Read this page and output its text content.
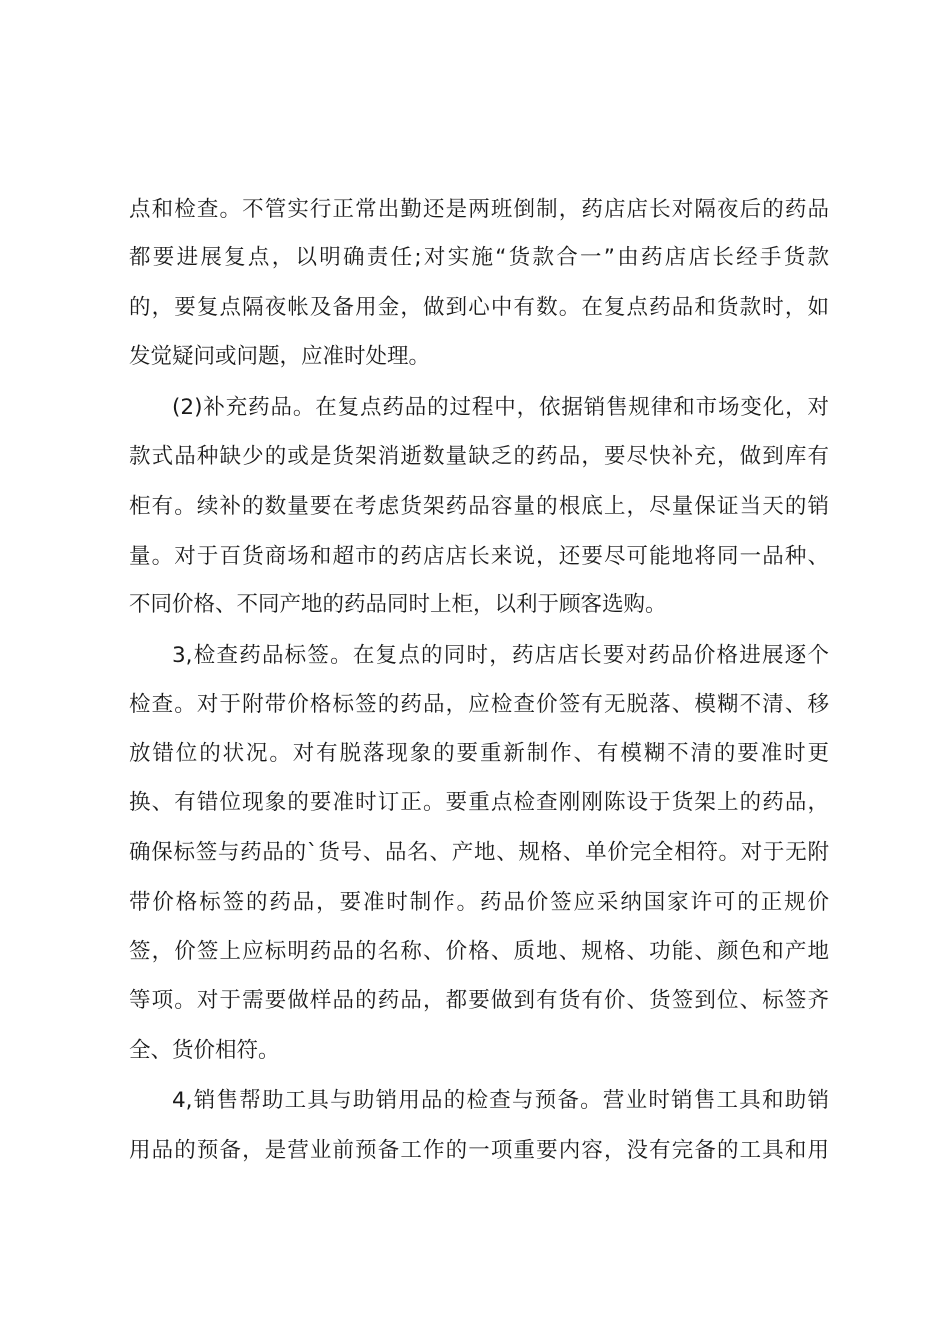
点和检查。不管实行正常出勤还是两班倒制，药店店长对隔夜后的药品
都要进展复点，以明确责任;对实施“货款合一”由药店店长经手货款
的，要复点隔夜帐及备用金，做到心中有数。在复点药品和货款时，如
发觉疑问或问题，应准时处理。
(2)补充药品。在复点药品的过程中，依据销售规律和市场变化，对
款式品种缺少的或是货架消逝数量缺乏的药品，要尽快补充，做到库有
柜有。续补的数量要在考虑货架药品容量的根底上，尽量保证当天的销
量。对于百货商场和超市的药店店长来说，还要尽可能地将同一品种、
不同价格、不同产地的药品同时上柜，以利于顾客选购。
3,检查药品标签。在复点的同时，药店店长要对药品价格进展逐个
检查。对于附带价格标签的药品，应检查价签有无脱落、模糊不清、移
放错位的状况。对有脱落现象的要重新制作、有模糊不清的要准时更
换、有错位现象的要准时订正。要重点检查刚刚陈设于货架上的药品，
确保标签与药品的`货号、品名、产地、规格、单价完全相符。对于无附
带价格标签的药品，要准时制作。药品价签应采纳国家许可的正规价
签，价签上应标明药品的名称、价格、质地、规格、功能、颜色和产地
等项。对于需要做样品的药品，都要做到有货有价、货签到位、标签齐
全、货价相符。
4,销售帮助工具与助销用品的检查与预备。营业时销售工具和助销
用品的预备，是营业前预备工作的一项重要内容，没有完备的工具和用
